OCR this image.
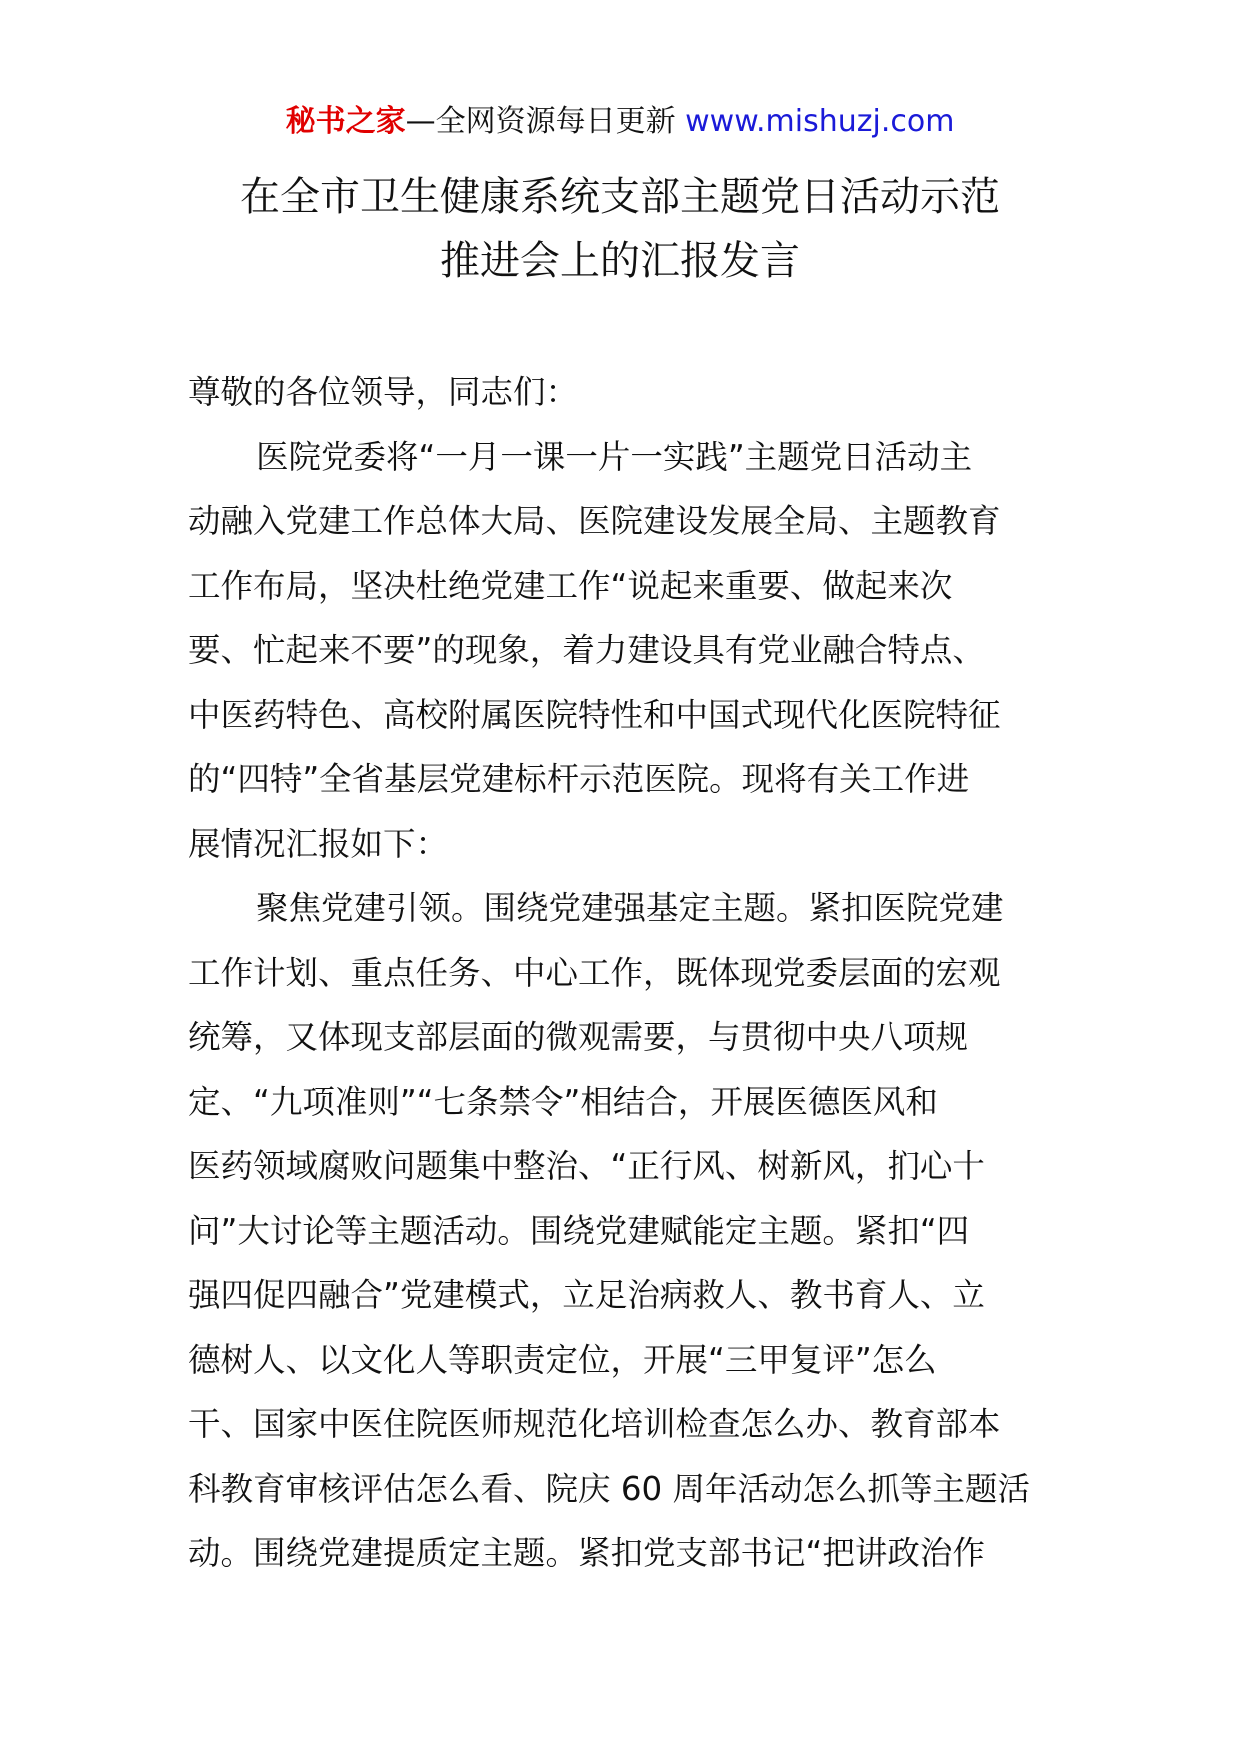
秘书之家—全网资源每日更新 www.mishuzj.com
在全市卫生健康系统支部主题党日活动示范
推进会上的汇报发言
尊敬的各位领导，同志们：
医院党委将“一月一课一片一实践”主题党日活动主
动融入党建工作总体大局、医院建设发展全局、主题教育
工作布局，坚决杜绝党建工作“说起来重要、做起来次
要、忙起来不要”的现象，着力建设具有党业融合特点、
中医药特色、高校附属医院特性和中国式现代化医院特征
的“四特”全省基层党建标杆示范医院。现将有关工作进
展情况汇报如下：
聚焦党建引领。围绕党建强基定主题。紧扣医院党建
工作计划、重点任务、中心工作，既体现党委层面的宏观
统筹，又体现支部层面的微观需要，与贯彻中央八项规
定、“九项准则”“七条禁令”相结合，开展医德医风和
医药领域腐败问题集中整治、“正行风、树新风，扪心十
问”大讨论等主题活动。围绕党建赋能定主题。紧扣“四
强四促四融合”党建模式，立足治病救人、教书育人、立
德树人、以文化人等职责定位，开展“三甲复评”怎么
干、国家中医住院医师规范化培训检查怎么办、教育部本
科教育审核评估怎么看、院庆 60 周年活动怎么抓等主题活
动。围绕党建提质定主题。紧扣党支部书记“把讲政治作
